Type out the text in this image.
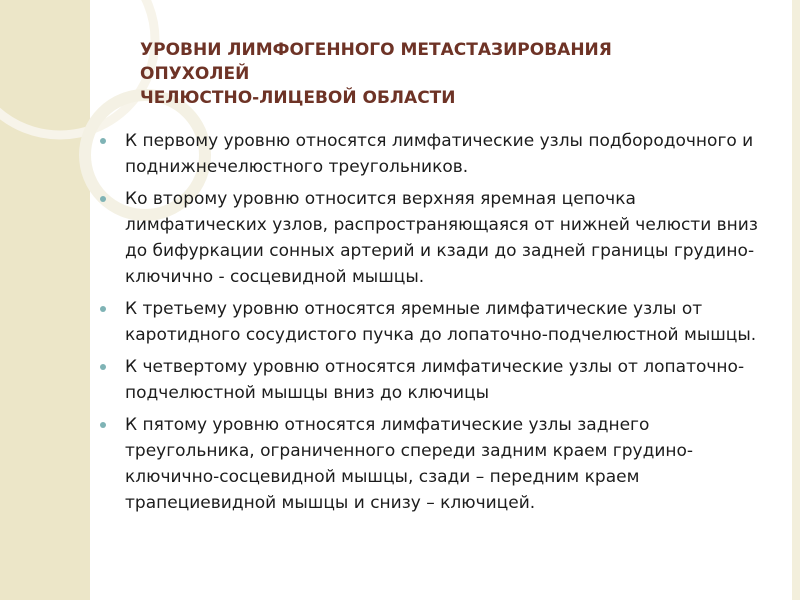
УРОВНИ ЛИМФОГЕННОГО МЕТАСТАЗИРОВАНИЯ
ОПУХОЛЕЙ
ЧЕЛЮСТНО-ЛИЦЕВОЙ ОБЛАСТИ
К первому уровню относятся лимфатические узлы подбородочного и поднижнечелюстного треугольников.
Ко второму уровню относится верхняя яремная цепочка лимфатических узлов, распространяющаяся от нижней челюсти вниз до бифуркации сонных артерий и кзади до задней границы грудино-ключично - сосцевидной мышцы.
К третьему уровню относятся яремные лимфатические узлы от каротидного сосудистого пучка до лопаточно-подчелюстной мышцы.
К четвертому уровню относятся лимфатические узлы от лопаточно- подчелюстной мышцы вниз до ключицы
К пятому уровню относятся лимфатические узлы заднего треугольника, ограниченного спереди задним краем грудино-ключично-сосцевидной мышцы, сзади – передним краем трапециевидной мышцы и снизу – ключицей.
